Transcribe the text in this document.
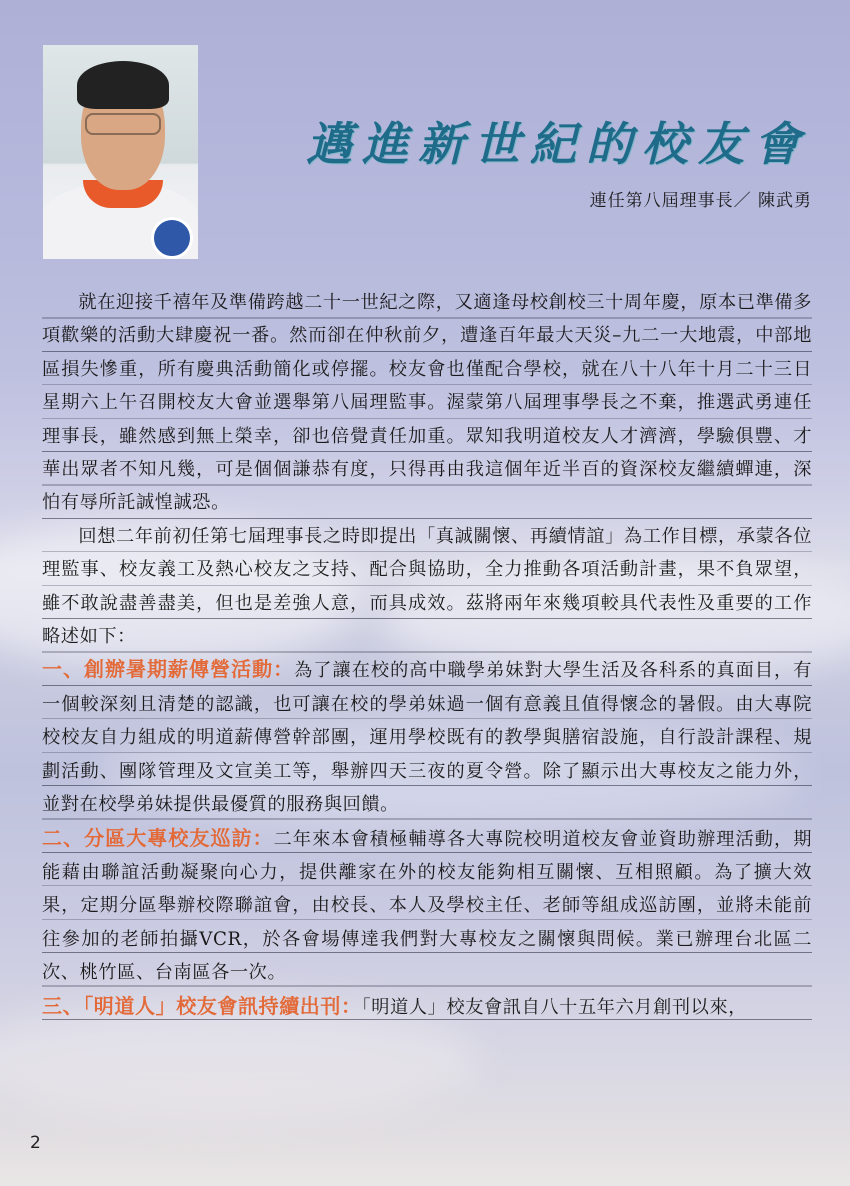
邁進新世紀的校友會
連任第八屆理事長／ 陳武勇

就在迎接千禧年及準備跨越二十一世紀之際，又適逢母校創校三十周年慶，原本已準備多項歡樂的活動大肆慶祝一番。然而卻在仲秋前夕，遭逢百年最大天災–九二一大地震，中部地區損失慘重，所有慶典活動簡化或停擺。校友會也僅配合學校，就在八十八年十月二十三日星期六上午召開校友大會並選舉第八屆理監事。渥蒙第八屆理事學長之不棄，推選武勇連任理事長，雖然感到無上榮幸，卻也倍覺責任加重。眾知我明道校友人才濟濟，學驗俱豐、才華出眾者不知凡幾，可是個個謙恭有度，只得再由我這個年近半百的資深校友繼續蟬連，深怕有辱所託誠惶誠恐。

回想二年前初任第七屆理事長之時即提出「真誠關懷、再續情誼」為工作目標，承蒙各位理監事、校友義工及熱心校友之支持、配合與協助，全力推動各項活動計畫，果不負眾望，雖不敢說盡善盡美，但也是差強人意，而具成效。茲將兩年來幾項較具代表性及重要的工作略述如下：

一、創辦暑期薪傳營活動：為了讓在校的高中職學弟妹對大學生活及各科系的真面目，有一個較深刻且清楚的認識，也可讓在校的學弟妹過一個有意義且值得懷念的暑假。由大專院校校友自力組成的明道薪傳營幹部團，運用學校既有的教學與膳宿設施，自行設計課程、規劃活動、團隊管理及文宣美工等，舉辦四天三夜的夏令營。除了顯示出大專校友之能力外，並對在校學弟妹提供最優質的服務與回饋。

二、分區大專校友巡訪：二年來本會積極輔導各大專院校明道校友會並資助辦理活動，期能藉由聯誼活動凝聚向心力，提供離家在外的校友能夠相互關懷、互相照顧。為了擴大效果，定期分區舉辦校際聯誼會，由校長、本人及學校主任、老師等組成巡訪團，並將未能前往參加的老師拍攝VCR，於各會場傳達我們對大專校友之關懷與問候。業已辦理台北區二次、桃竹區、台南區各一次。

三、「明道人」校友會訊持續出刊：「明道人」校友會訊自八十五年六月創刊以來，

2
